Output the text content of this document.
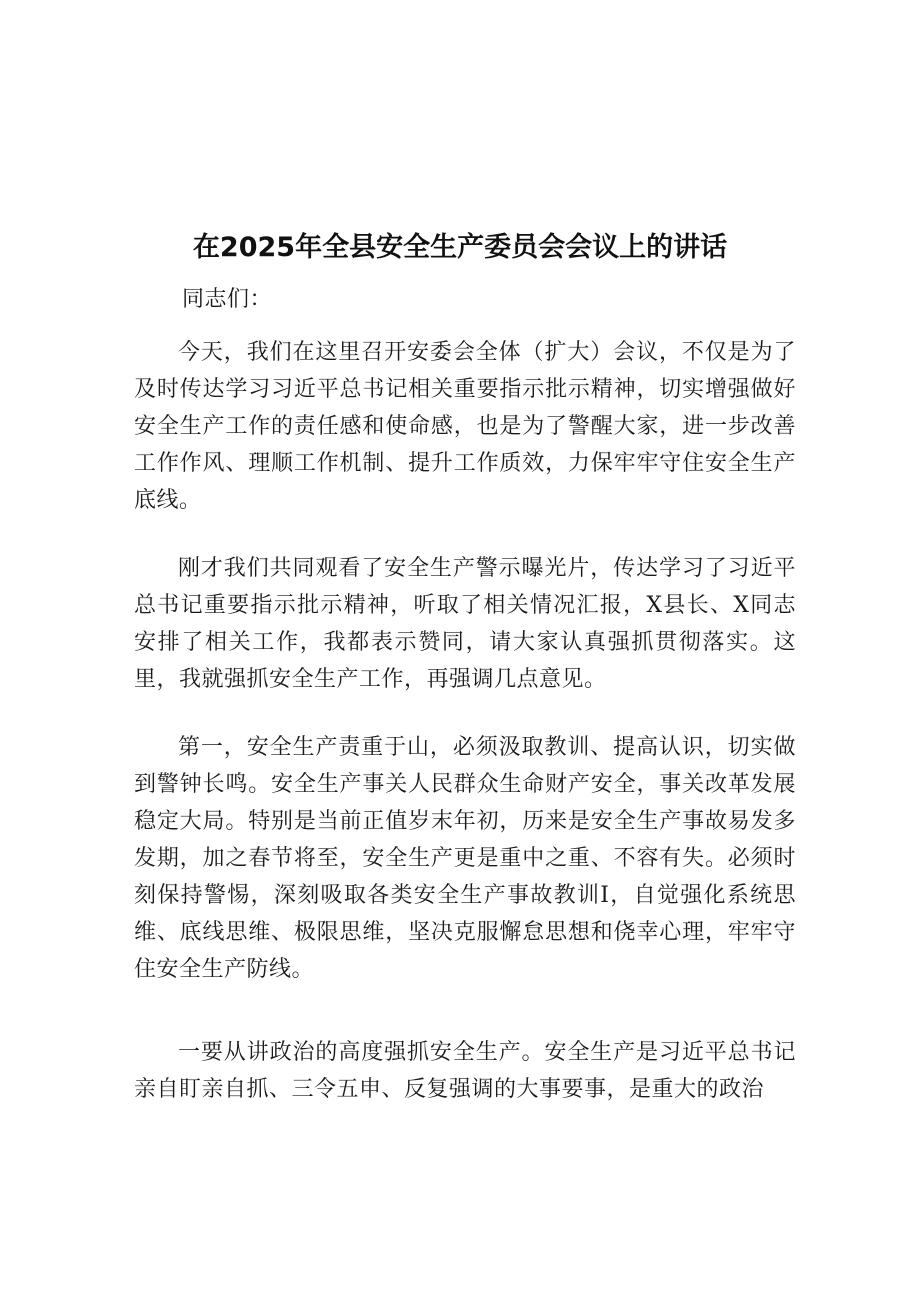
在2025年全县安全生产委员会会议上的讲话
同志们：

今天，我们在这里召开安委会全体（扩大）会议，不仅是为了及时传达学习习近平总书记相关重要指示批示精神，切实增强做好安全生产工作的责任感和使命感，也是为了警醒大家，进一步改善工作作风、理顺工作机制、提升工作质效，力保牢牢守住安全生产底线。

刚才我们共同观看了安全生产警示曝光片，传达学习了习近平总书记重要指示批示精神，听取了相关情况汇报，X县长、X同志安排了相关工作，我都表示赞同，请大家认真强抓贯彻落实。这里，我就强抓安全生产工作，再强调几点意见。

第一，安全生产责重于山，必须汲取教训、提高认识，切实做到警钟长鸣。安全生产事关人民群众生命财产安全，事关改革发展稳定大局。特别是当前正值岁末年初，历来是安全生产事故易发多发期，加之春节将至，安全生产更是重中之重、不容有失。必须时刻保持警惕，深刻吸取各类安全生产事故教训I，自觉强化系统思维、底线思维、极限思维，坚决克服懈怠思想和侥幸心理，牢牢守住安全生产防线。

一要从讲政治的高度强抓安全生产。安全生产是习近平总书记亲自盯亲自抓、三令五申、反复强调的大事要事，是重大的政治
